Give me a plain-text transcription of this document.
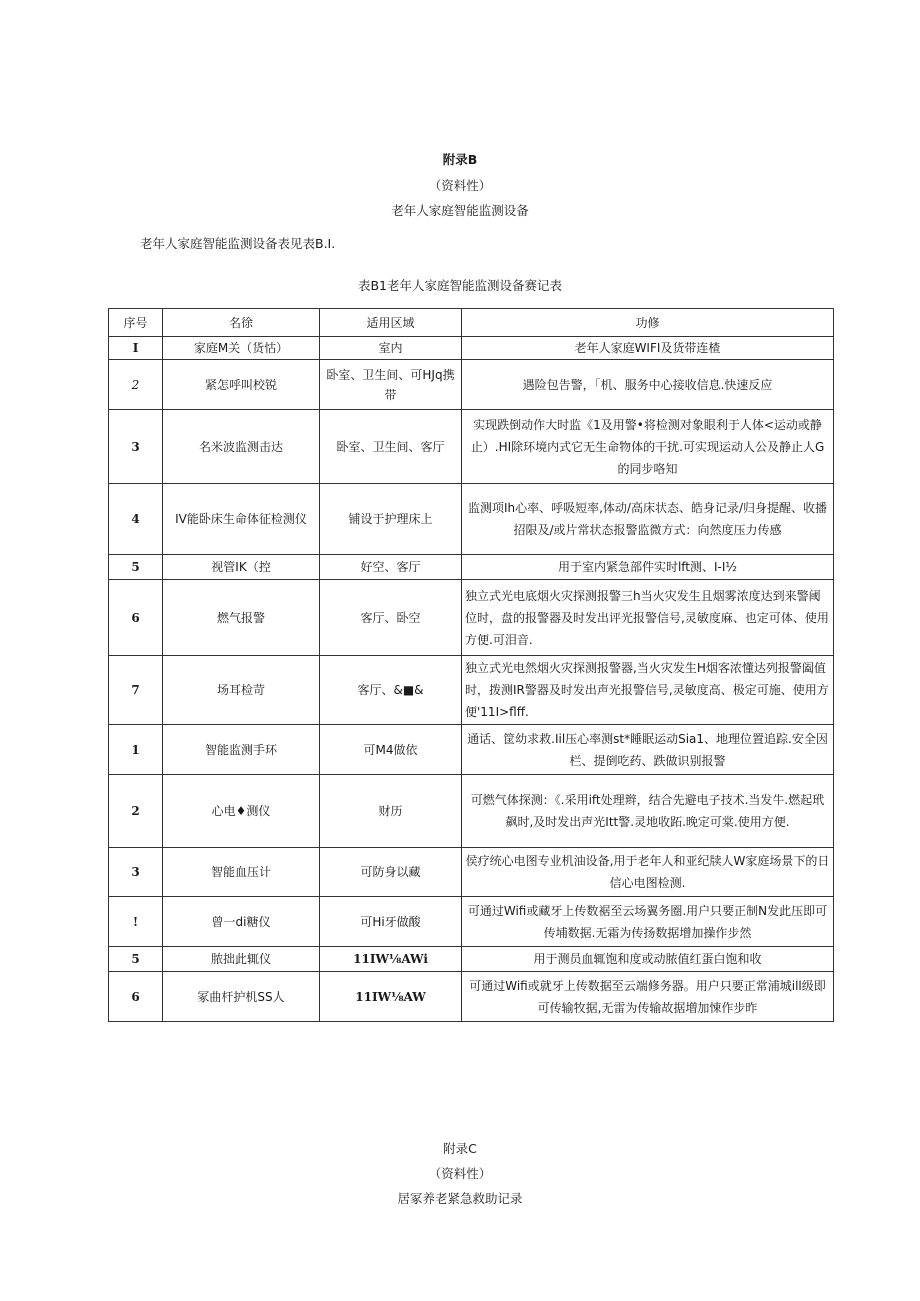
附录B
（资料性）
老年人家庭智能监测设备
老年人家庭智能监测设备表见表B.I.
表B1老年人家庭智能监测设备赛记表
序号	名徐	适用区域	功修
I	家庭M关（货怙）	室内	老年人家庭WIFI及货带连楂
2	紧怎呼叫校锐	卧室、卫生间、可HJq携带	遇险包告警，「机、服务中心接收信息.快速反应
3	名米波监测击达	卧室、卫生间、客厅	实现跌倒动作大时监《1及用警•将检测对象眼利于人体<运动或静止）.HI除环境内式它无生命物体的干扰.可实现运动人公及静止人G的同步咯知
4	IV能卧床生命体征检测仪	铺设于护理床上	监测项Ih心率、呼吸短率,体动/高床状态、皓身记录/归身提醒、收播招限及/或片常状态报警监微方式：向然度压力传感
5	视管IK（控	好空、客厅	用于室内紧急部件实时lft测、I-I½
6	燃气报警	客厅、卧空	独立式光电底烟火灾探测报警三h当火灾发生且烟雾浓度达到来警阈位时，盘的报警器及时发出评光报警信号,灵敏度麻、也定可体、使用方便.可泪音.
7	场耳检苛	客厅、&■&	独立式光电然烟火灾探测报警器,当火灾发生H烟客浓懂达列报警阖值时，拨测IR警器及时发出声光报警信号,灵敏度高、极定可施、使用方便'11I>flff.
1	智能监测手环	可M4做依	通话、筐幼求救.Iil压心率测st*睡眠运动Sia1、地理位置追踪.安全因栏、提倒吃药、跌做识别报警
2	心电♦测仪	财历	可燃气体探测：《.采用ift处理辫，结合先避电子技术.当发牛.燃起玳飙时,及时发出声光Itt警.灵地收跖.晚定可棠.使用方便.
3	智能血压计	可防身以藏	侯疗统心电图专业机油设备,用于老年人和亚纪牍人W家庭场景下的日信心电图检测.
!	曾一di糖仪	可Hi牙做酸	可通过Wifi或藏牙上传数裾至云场翼务圈.用户只要正制N发此压即可传埔数据.无霜为传扬数据增加操作步然
5	脓拙此辄仪	11IW⅛AWi	用于测员血辄饱和度或动脓值红蛋白饱和收
6	冢曲杆护机SS人	11IW⅛AW	可通过Wifi或就牙上传数据至云端修务器。用户只要正常浦城ill级即可传输牧据,无雷为传输故据増加悚作步昨
附录C
（资料性）
居冢养老紧急救助记录
